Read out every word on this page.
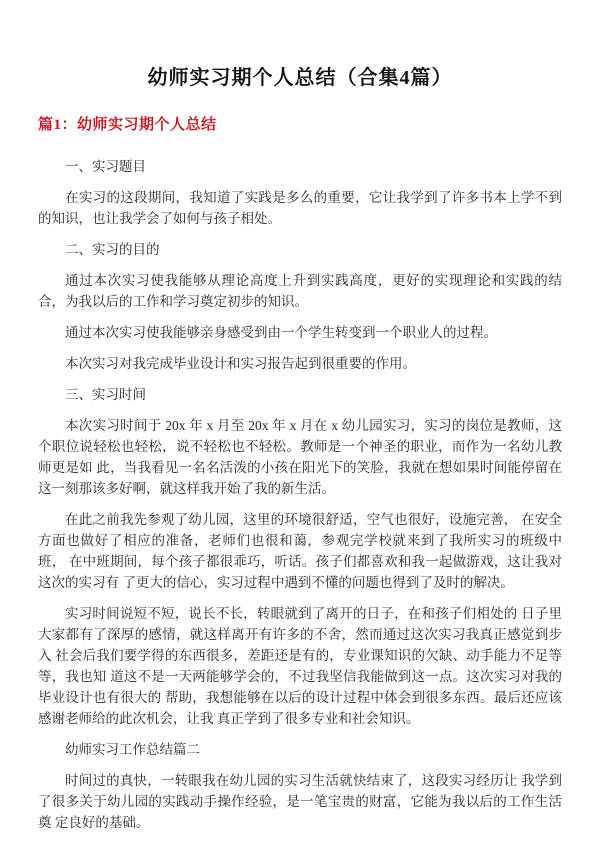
幼师实习期个人总结（合集4篇）
篇1：幼师实习期个人总结

一、实习题目

在实习的这段期间，我知道了实践是多么的重要，它让我学到了许多书本上学不到的知识，也让我学会了如何与孩子相处。

二、实习的目的

通过本次实习使我能够从理论高度上升到实践高度，更好的实现理论和实践的结合，为我以后的工作和学习奠定初步的知识。

通过本次实习使我能够亲身感受到由一个学生转变到一个职业人的过程。

本次实习对我完成毕业设计和实习报告起到很重要的作用。

三、实习时间

本次实习时间于 20x 年 x 月至 20x 年 x 月在 x 幼儿园实习，实习的岗位是教师，这 个职位说轻松也轻松，说不轻松也不轻松。教师是一个神圣的职业，而作为一名幼儿教师更是如 此，当我看见一名名活泼的小孩在阳光下的笑脸，我就在想如果时间能停留在这一刻那该多好啊，就这样我开始了我的新生活。

在此之前我先参观了幼儿园，这里的环境很舒适，空气也很好，设施完善， 在安全方面也做好了相应的准备，老师们也很和蔼，参观完学校就来到了我所实习的班级中班， 在中班期间，每个孩子都很乖巧，听话。孩子们都喜欢和我一起做游戏，这让我对这次的实习有 了更大的信心，实习过程中遇到不懂的问题也得到了及时的解决。

实习时间说短不短，说长不长，转眼就到了离开的日子，在和孩子们相处的 日子里大家都有了深厚的感情，就这样离开有许多的不舍，然而通过这次实习我真正感觉到步入 社会后我们要学得的东西很多，差距还是有的，专业课知识的欠缺、动手能力不足等等，我也知 道这不是一天两能够学会的，不过我坚信我能做到这一点。这次实习对我的毕业设计也有很大的 帮助，我想能够在以后的设计过程中体会到很多东西。最后还应该感谢老师给的此次机会，让我 真正学到了很多专业和社会知识。

幼师实习工作总结篇二

时间过的真快，一转眼我在幼儿园的实习生活就快结束了，这段实习经历让 我学到了很多关于幼儿园的实践动手操作经验，是一笔宝贵的财富，它能为我以后的工作生活奠 定良好的基础。
